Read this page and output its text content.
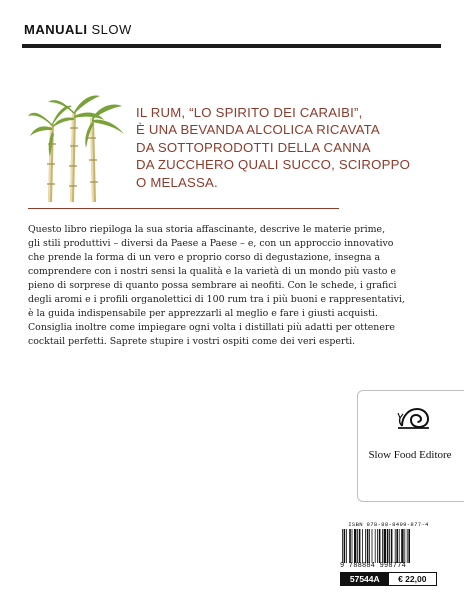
MANUALI SLOW
IL RUM, “LO SPIRITO DEI CARAIBI”,
È UNA BEVANDA ALCOLICA RICAVATA
DA SOTTOPRODOTTI DELLA CANNA
DA ZUCCHERO QUALI SUCCO, SCIROPPO
O MELASSA.
Questo libro riepiloga la sua storia affascinante, descrive le materie prime,
gli stili produttivi – diversi da Paese a Paese – e, con un approccio innovativo
che prende la forma di un vero e proprio corso di degustazione, insegna a
comprendere con i nostri sensi la qualità e la varietà di un mondo più vasto e
pieno di sorprese di quanto possa sembrare ai neofiti. Con le schede, i grafici
degli aromi e i profili organolettici di 100 rum tra i più buoni e rappresentativi,
è la guida indispensabile per apprezzarli al meglio e fare i giusti acquisti.
Consiglia inoltre come impiegare ogni volta i distillati più adatti per ottenere
cocktail perfetti. Saprete stupire i vostri ospiti come dei veri esperti.
Slow Food Editore
ISBN 978-88-8499-877-4
9 788884 998774
57544A	€ 22,00
